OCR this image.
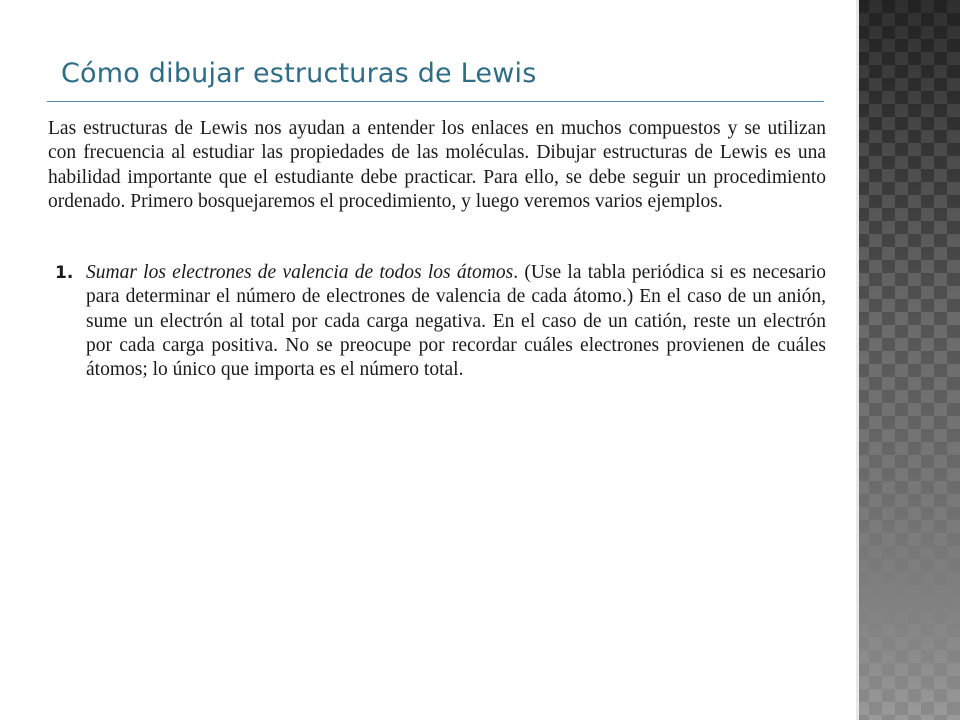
Cómo dibujar estructuras de Lewis

Las estructuras de Lewis nos ayudan a entender los enlaces en muchos compuestos y se utilizan con frecuencia al estudiar las propiedades de las moléculas. Dibujar estructuras de Lewis es una habilidad importante que el estudiante debe practicar. Para ello, se debe seguir un procedimiento ordenado. Primero bosquejaremos el procedimiento, y luego veremos varios ejemplos.

1. Sumar los electrones de valencia de todos los átomos. (Use la tabla periódica si es necesario para determinar el número de electrones de valencia de cada átomo.) En el caso de un anión, sume un electrón al total por cada carga negativa. En el caso de un catión, reste un electrón por cada carga positiva. No se preocupe por recordar cuáles electrones provienen de cuáles átomos; lo único que importa es el número total.
